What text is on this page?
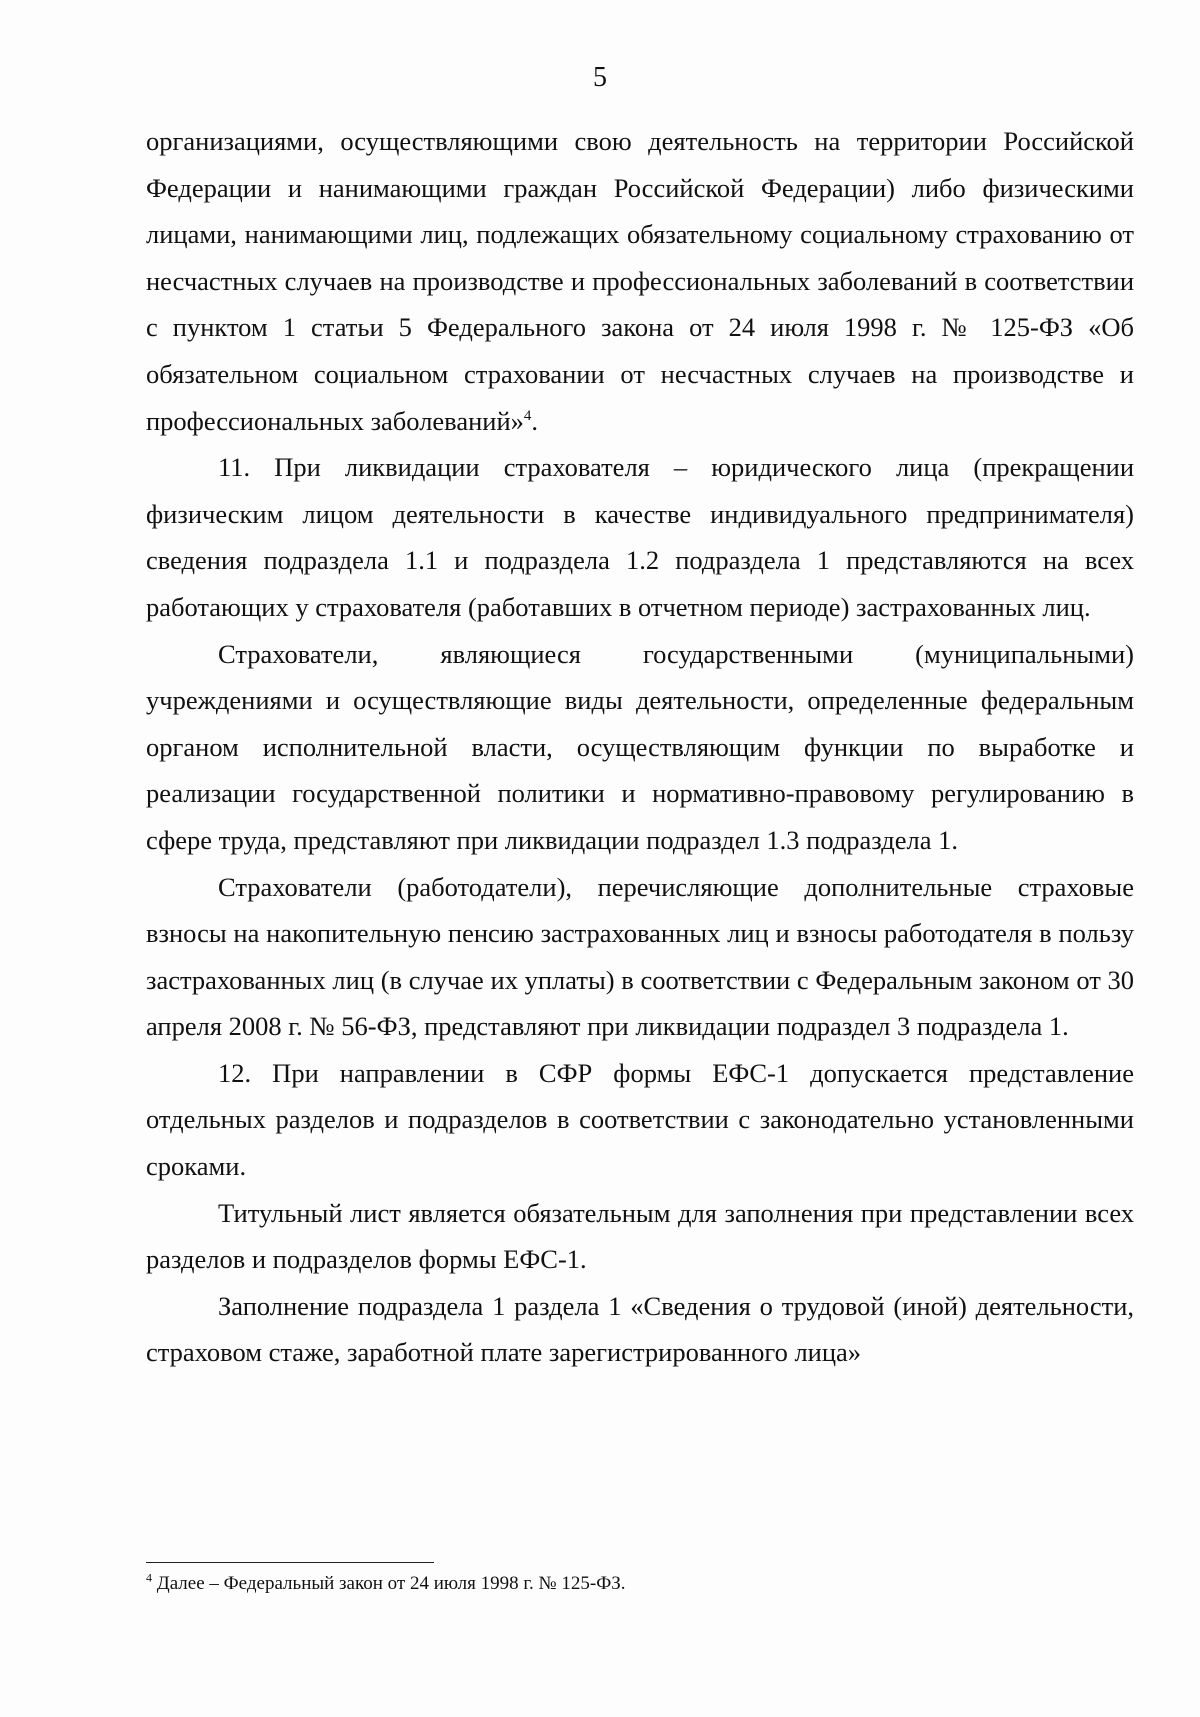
5

организациями, осуществляющими свою деятельность на территории Российской Федерации и нанимающими граждан Российской Федерации) либо физическими лицами, нанимающими лиц, подлежащих обязательному социальному страхованию от несчастных случаев на производстве и профессиональных заболеваний в соответствии с пунктом 1 статьи 5 Федерального закона от 24 июля 1998 г. № 125-ФЗ «Об обязательном социальном страховании от несчастных случаев на производстве и профессиональных заболеваний»$^4$.

11. При ликвидации страхователя – юридического лица (прекращении физическим лицом деятельности в качестве индивидуального предпринимателя) сведения подраздела 1.1 и подраздела 1.2 подраздела 1 представляются на всех работающих у страхователя (работавших в отчетном периоде) застрахованных лиц.

Страхователи, являющиеся государственными (муниципальными) учреждениями и осуществляющие виды деятельности, определенные федеральным органом исполнительной власти, осуществляющим функции по выработке и реализации государственной политики и нормативно-правовому регулированию в сфере труда, представляют при ликвидации подраздел 1.3 подраздела 1.

Страхователи (работодатели), перечисляющие дополнительные страховые взносы на накопительную пенсию застрахованных лиц и взносы работодателя в пользу застрахованных лиц (в случае их уплаты) в соответствии с Федеральным законом от 30 апреля 2008 г. № 56-ФЗ, представляют при ликвидации подраздел 3 подраздела 1.

12. При направлении в СФР формы ЕФС-1 допускается представление отдельных разделов и подразделов в соответствии с законодательно установленными сроками.

Титульный лист является обязательным для заполнения при представлении всех разделов и подразделов формы ЕФС-1.

Заполнение подраздела 1 раздела 1 «Сведения о трудовой (иной) деятельности, страховом стаже, заработной плате зарегистрированного лица»

$^4$ Далее – Федеральный закон от 24 июля 1998 г. № 125-ФЗ.
